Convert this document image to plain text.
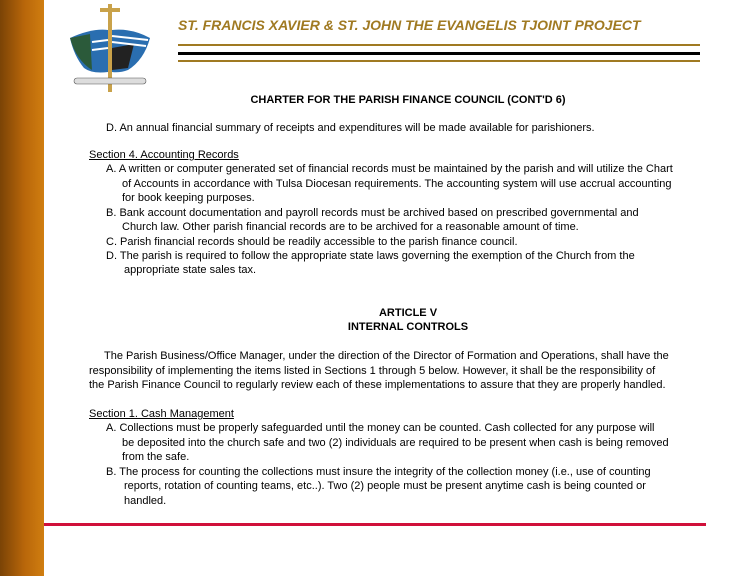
ST. FRANCIS XAVIER & ST. JOHN THE EVANGELIS TJOINT PROJECT
CHARTER FOR THE PARISH FINANCE COUNCIL (CONT'D 6)
D. An annual financial summary of receipts and expenditures will be made available for parishioners.
Section 4. Accounting Records
A. A written or computer generated set of financial records must be maintained by the parish and will utilize the Chart
of Accounts in accordance with Tulsa Diocesan requirements. The accounting system will use accrual accounting
for book keeping purposes.
B. Bank account documentation and payroll records must be archived based on prescribed governmental and
Church law. Other parish financial records are to be archived for a reasonable amount of time.
C. Parish financial records should be readily accessible to the parish finance council.
D. The parish is required to follow the appropriate state laws governing the exemption of the Church from the
appropriate state sales tax.
ARTICLE V
INTERNAL CONTROLS
The Parish Business/Office Manager, under the direction of the Director of Formation and Operations, shall have the
responsibility of implementing the items listed in Sections 1 through 5 below. However, it shall be the responsibility of
the Parish Finance Council to regularly review each of these implementations to assure that they are properly handled.
Section 1. Cash Management
A. Collections must be properly safeguarded until the money can be counted. Cash collected for any purpose will
be deposited into the church safe and two (2) individuals are required to be present when cash is being removed
from the safe.
B. The process for counting the collections must insure the integrity of the collection money (i.e., use of counting
reports, rotation of counting teams, etc..). Two (2) people must be present anytime cash is being counted or
handled.
